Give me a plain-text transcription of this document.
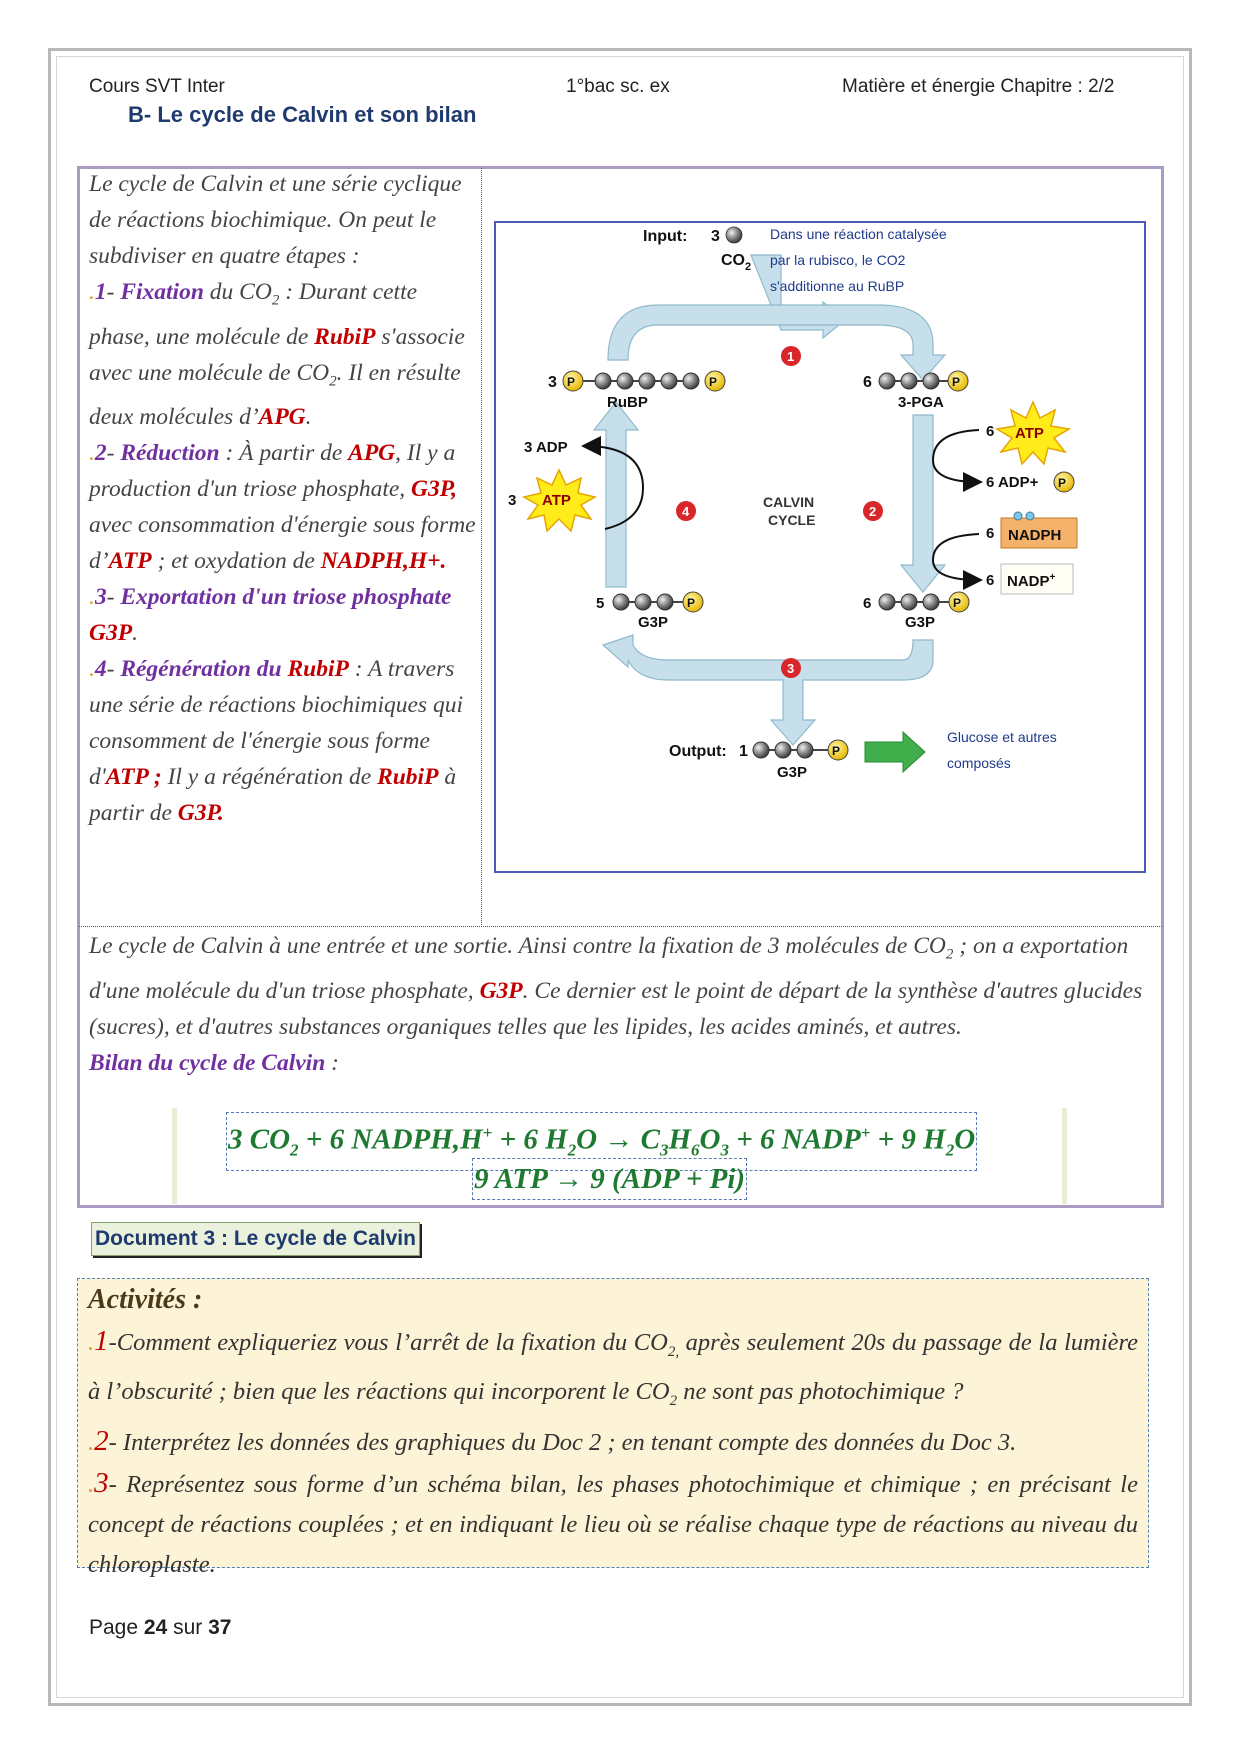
Cours SVT Inter	1°bac sc. ex	Matière et énergie Chapitre : 2/2
B- Le cycle de Calvin et son bilan
Le cycle de Calvin et une série cyclique de réactions biochimique. On peut le subdiviser en quatre étapes :
.1- Fixation du $CO_2$ : Durant cette phase, une molécule de RubiP s'associe avec une molécule de $CO_2$. Il en résulte deux molécules d’APG.
.2- Réduction : À partir de APG, Il y a production d'un triose phosphate, G3P, avec consommation d'énergie sous forme d’ATP ; et oxydation de NADPH,H+.
.3- Exportation d'un triose phosphate G3P.
.4- Régénération du RubiP : A travers une série de réactions biochimiques qui consomment de l'énergie sous forme d'ATP ; Il y a régénération de RubiP à partir de G3P.
Input: 3
$CO_2$
Dans une réaction catalysée
par la rubisco, le CO2
s'additionne au RuBP
3 P	P
RuBP
6	P
3-PGA
1
2
3
4
CALVIN
CYCLE
6 ATP
6 ADP+ P
6 NADPH
6 NADP+
3 ADP
3 ATP
5	P
G3P
6	P
G3P
Output: 1	P
G3P
Glucose et autres
composés
Le cycle de Calvin à une entrée et une sortie. Ainsi contre la fixation de 3 molécules de $CO_2$ ; on a exportation d'une molécule du d'un triose phosphate, G3P. Ce dernier est le point de départ de la synthèse d'autres glucides (sucres), et d'autres substances organiques telles que les lipides, les acides aminés, et autres.
Bilan du cycle de Calvin :
3 $CO_2 + 6$ NADPH,H+ + 6 $H_2O \to C_3H_6O_3 + 6$ NADP+ + 9 $H_2O$
9 ATP → 9 (ADP + Pi)
Document 3 : Le cycle de Calvin
Activités :

.1-Comment expliqueriez vous l’arrêt de la fixation du $CO_{2,}$ après seulement 20s du passage de la lumière à l’obscurité ; bien que les réactions qui incorporent le $CO_2$ ne sont pas photochimique ?

.2- Interprétez les données des graphiques du Doc 2 ; en tenant compte des données du Doc 3.

.3- Représentez sous forme d’un schéma bilan, les phases photochimique et chimique ; en précisant le concept de réactions couplées ; et en indiquant le lieu où se réalise chaque type de réactions au niveau du chloroplaste.

Page 24 sur 37
